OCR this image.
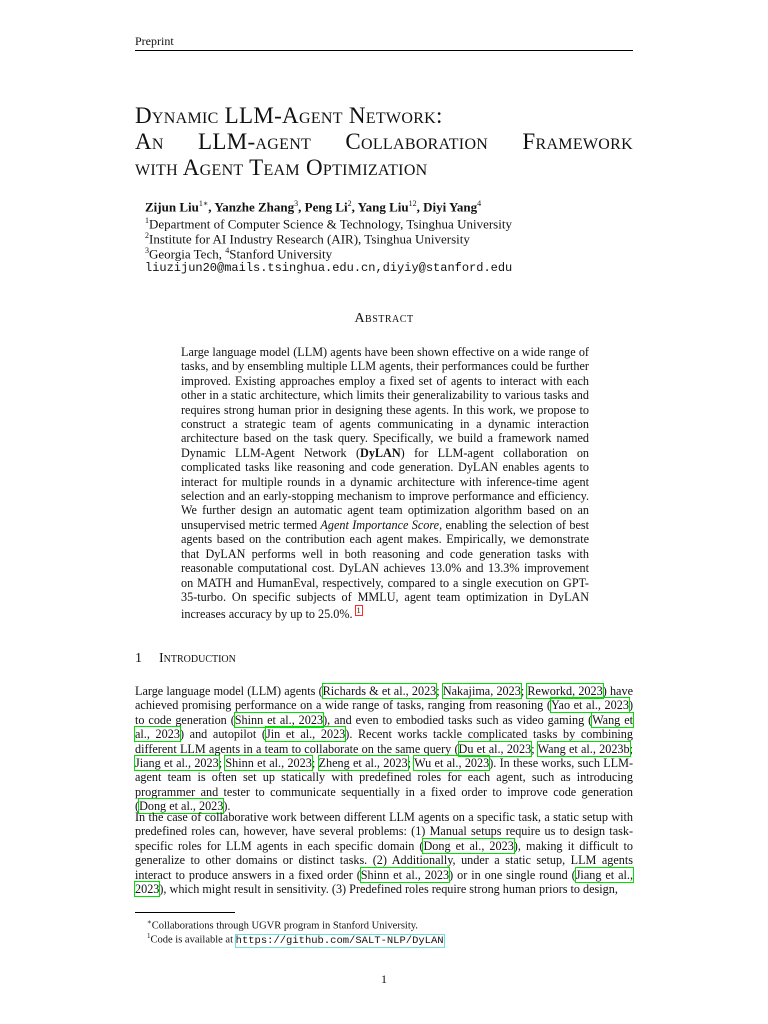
Preprint
Dynamic LLM-Agent Network:
An LLM-agent Collaboration Framework
with Agent Team Optimization
Zijun Liu$^{1∗}$, Yanzhe Zhang$^3$, Peng Li$^2$, Yang Liu$^{12}$, Diyi Yang$^4$
$^1$Department of Computer Science & Technology, Tsinghua University
$^2$Institute for AI Industry Research (AIR), Tsinghua University
$^3$Georgia Tech, $^4$Stanford University
liuzijun20@mails.tsinghua.edu.cn,diyiy@stanford.edu
Abstract
Large language model (LLM) agents have been shown effective on a wide range of tasks, and by ensembling multiple LLM agents, their performances could be further improved. Existing approaches employ a fixed set of agents to interact with each other in a static architecture, which limits their generalizability to various tasks and requires strong human prior in designing these agents. In this work, we propose to construct a strategic team of agents communicating in a dynamic interaction architecture based on the task query. Specifically, we build a framework named Dynamic LLM-Agent Network (DyLAN) for LLM-agent collaboration on complicated tasks like reasoning and code generation. DyLAN enables agents to interact for multiple rounds in a dynamic architecture with inference-time agent selection and an early-stopping mechanism to improve performance and efficiency. We further design an automatic agent team optimization algorithm based on an unsupervised metric termed Agent Importance Score, enabling the selection of best agents based on the contribution each agent makes. Empirically, we demonstrate that DyLAN performs well in both reasoning and code generation tasks with reasonable computational cost. DyLAN achieves 13.0% and 13.3% improvement on MATH and HumanEval, respectively, compared to a single execution on GPT-35-turbo. On specific subjects of MMLU, agent team optimization in DyLAN increases accuracy by up to 25.0%. $^1$
1 Introduction
Large language model (LLM) agents (Richards & et al., 2023; Nakajima, 2023; Reworkd, 2023) have achieved promising performance on a wide range of tasks, ranging from reasoning (Yao et al., 2023) to code generation (Shinn et al., 2023), and even to embodied tasks such as video gaming (Wang et al., 2023) and autopilot (Jin et al., 2023). Recent works tackle complicated tasks by combining different LLM agents in a team to collaborate on the same query (Du et al., 2023; Wang et al., 2023b; Jiang et al., 2023; Shinn et al., 2023; Zheng et al., 2023; Wu et al., 2023). In these works, such LLM-agent team is often set up statically with predefined roles for each agent, such as introducing programmer and tester to communicate sequentially in a fixed order to improve code generation (Dong et al., 2023).
In the case of collaborative work between different LLM agents on a specific task, a static setup with predefined roles can, however, have several problems: (1) Manual setups require us to design task-specific roles for LLM agents in each specific domain (Dong et al., 2023), making it difficult to generalize to other domains or distinct tasks. (2) Additionally, under a static setup, LLM agents interact to produce answers in a fixed order (Shinn et al., 2023) or in one single round (Jiang et al., 2023), which might result in sensitivity. (3) Predefined roles require strong human priors to design,
∗Collaborations through UGVR program in Stanford University.
$^1$Code is available at https://github.com/SALT-NLP/DyLAN
1
